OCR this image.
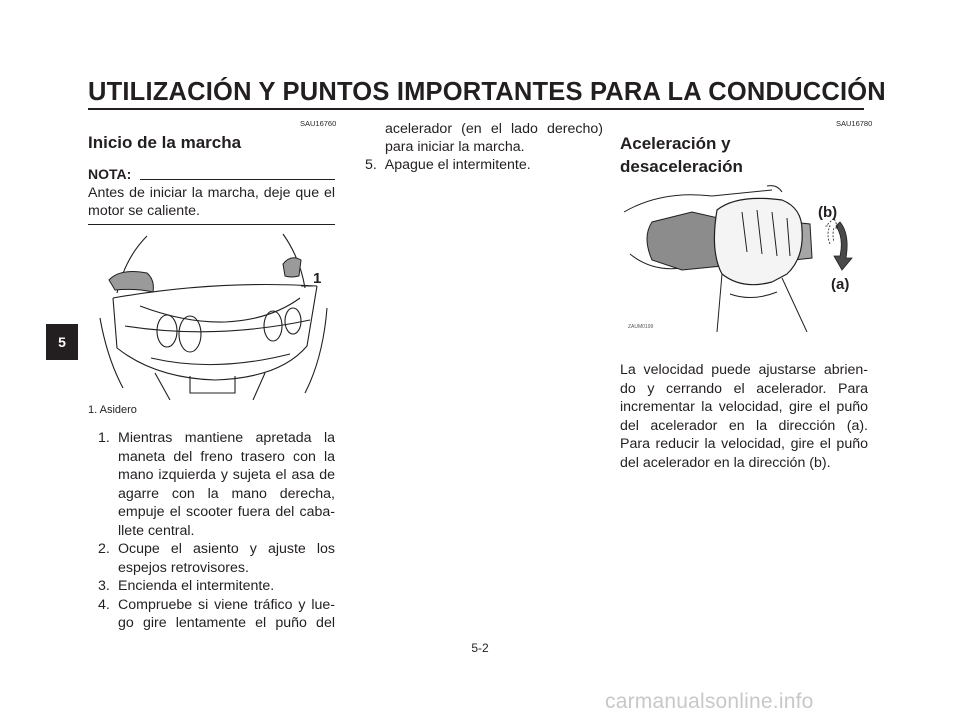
UTILIZACIÓN Y PUNTOS IMPORTANTES PARA LA CONDUCCIÓN
5
SAU16760
Inicio de la marcha
NOTA:
Antes de iniciar la marcha, deje que el
motor se caliente.
1
1. Asidero
1. Mientras mantiene apretada la
maneta del freno trasero con la
mano izquierda y sujeta el asa de
agarre con la mano derecha,
empuje el scooter fuera del caba-
llete central.
2. Ocupe el asiento y ajuste los
espejos retrovisores.
3. Encienda el intermitente.
4. Compruebe si viene tráfico y lue-
go gire lentamente el puño del
acelerador (en el lado derecho)
para iniciar la marcha.
5. Apague el intermitente.
SAU16780
Aceleración y
desaceleración
(b)
(a)
ZAUM0199
La velocidad puede ajustarse abrien-
do y cerrando el acelerador. Para
incrementar la velocidad, gire el puño
del acelerador en la dirección (a).
Para reducir la velocidad, gire el puño
del acelerador en la dirección (b).
5-2
carmanualsonline.info
